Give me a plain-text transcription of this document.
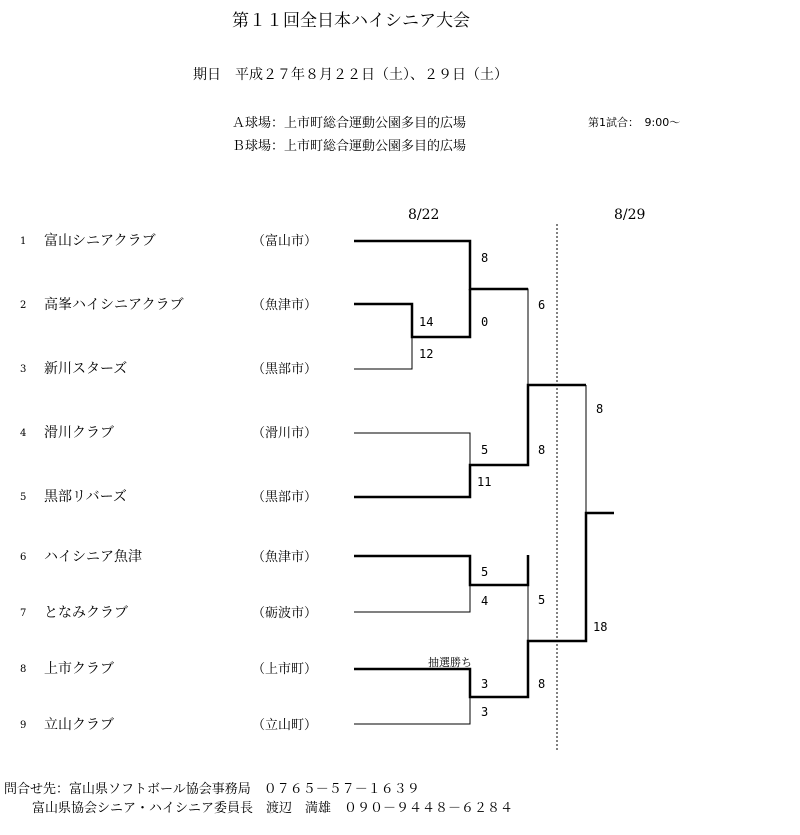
第１１回全日本ハイシニア大会
期日　平成２７年８月２２日（土）、２９日（土）
Ａ球場：上市町総合運動公園多目的広場
Ｂ球場：上市町総合運動公園多目的広場
第1試合：　9:00～
8/22	8/29
1 富山シニアクラブ	（富山市）
2 高峯ハイシニアクラブ	（魚津市）
3 新川スターズ	（黒部市）
4 滑川クラブ	（滑川市）
5 黒部リバーズ	（黒部市）
6 ハイシニア魚津	（魚津市）
7 となみクラブ	（砺波市）
8 上市クラブ	（上市町）
9 立山クラブ	（立山町）
8
0
14
12
5
11
5
4
3
3
6
8
5
8
8
18
抽選勝ち
問合せ先：富山県ソフトボール協会事務局　０７６５－５７－１６３９
富山県協会シニア・ハイシニア委員長　渡辺　満雄　０９０－９４４８－６２８４
